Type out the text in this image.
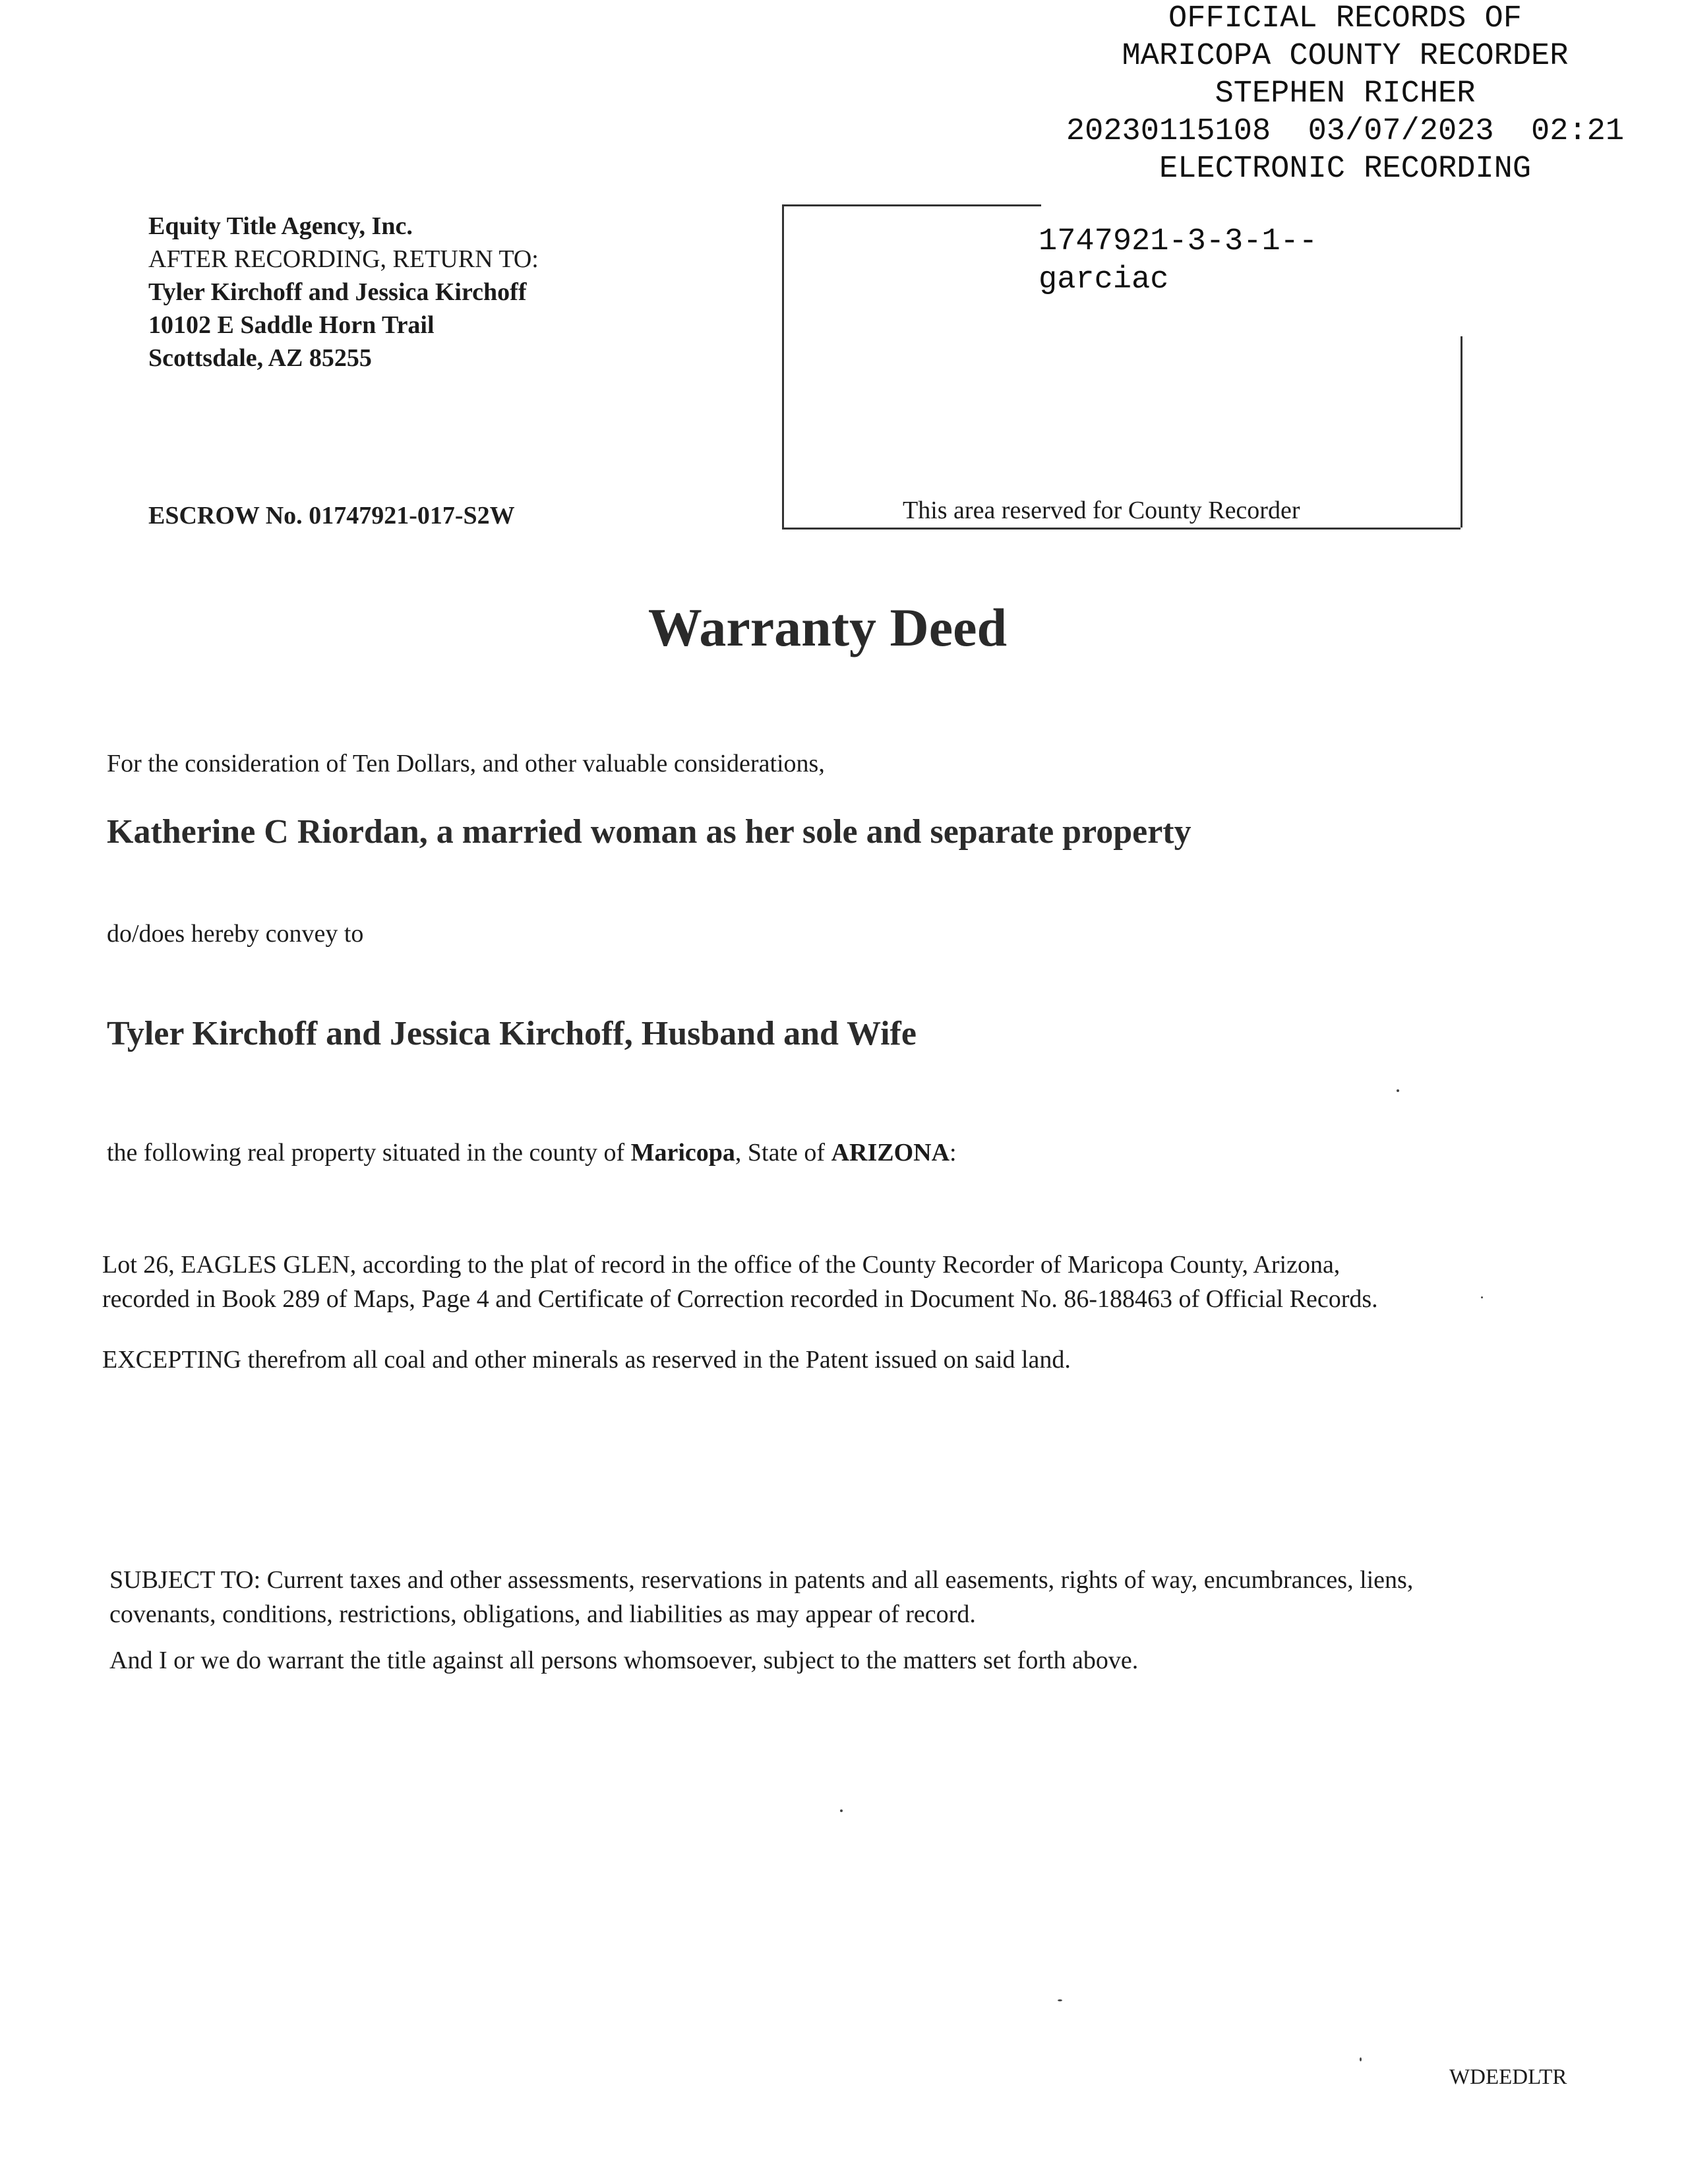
OFFICIAL RECORDS OF
MARICOPA COUNTY RECORDER
STEPHEN RICHER
20230115108  03/07/2023  02:21
ELECTRONIC RECORDING
Equity Title Agency, Inc.
AFTER RECORDING, RETURN TO:
Tyler Kirchoff and Jessica Kirchoff
10102 E Saddle Horn Trail
Scottsdale, AZ 85255
ESCROW No. 01747921-017-S2W	This area reserved for County Recorder
1747921-3-3-1--
garciac
Warranty Deed
For the consideration of Ten Dollars, and other valuable considerations,
Katherine C Riordan, a married woman as her sole and separate property
do/does hereby convey to
Tyler Kirchoff and Jessica Kirchoff, Husband and Wife
the following real property situated in the county of Maricopa, State of ARIZONA:
Lot 26, EAGLES GLEN, according to the plat of record in the office of the County Recorder of Maricopa County, Arizona,
recorded in Book 289 of Maps, Page 4 and Certificate of Correction recorded in Document No. 86-188463 of Official Records.
EXCEPTING therefrom all coal and other minerals as reserved in the Patent issued on said land.
SUBJECT TO: Current taxes and other assessments, reservations in patents and all easements, rights of way, encumbrances, liens,
covenants, conditions, restrictions, obligations, and liabilities as may appear of record.
And I or we do warrant the title against all persons whomsoever, subject to the matters set forth above.
WDEEDLTR
